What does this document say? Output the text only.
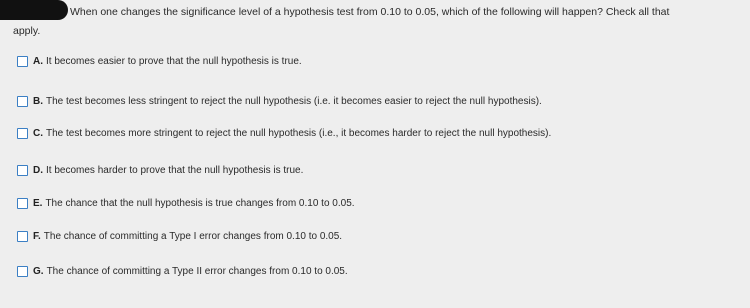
When one changes the significance level of a hypothesis test from 0.10 to 0.05, which of the following will happen? Check all that
apply.
A. It becomes easier to prove that the null hypothesis is true.
B. The test becomes less stringent to reject the null hypothesis (i.e. it becomes easier to reject the null hypothesis).
C. The test becomes more stringent to reject the null hypothesis (i.e., it becomes harder to reject the null hypothesis).
D. It becomes harder to prove that the null hypothesis is true.
E. The chance that the null hypothesis is true changes from 0.10 to 0.05.
F. The chance of committing a Type I error changes from 0.10 to 0.05.
G. The chance of committing a Type II error changes from 0.10 to 0.05.
